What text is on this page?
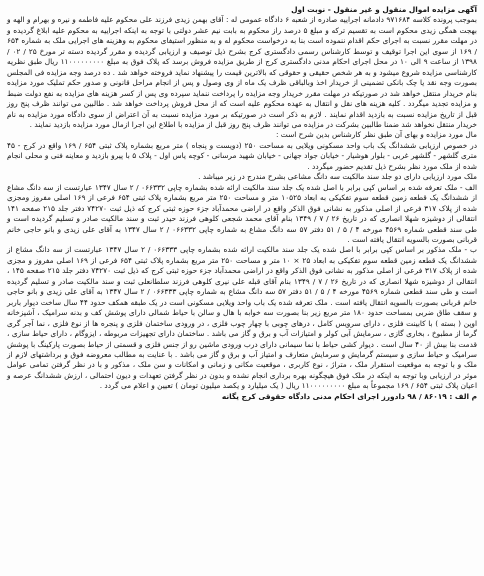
آگهی مزایده اموال منقول و غیر منقول - نوبت اول

بموجب پرونده کلاسه ۹۷۱۶۸۴ دادمانه اجراییه صادره از شعبه ۶ دادگاه عمومی له : آقای بهمن زیدی فرزند علی محکوم علیه فاطمه و نیره و بهرام و الهه و بهجت همگی زیدی محکوم است به تقسیم ترکه و مبلغ ۵ درصد راز محکوم به بابت نیم عشر دولتی با توجه به اینکه اجراییه به محکوم علیه ابلاغ گردیده و در مهلت مقرر نسبت به اجرای حکم اقدام ننموده است بنا به درخواست محکوم له و به منظور استیفای محکوم به وهزینه های اجرایی ملک به شماره ۶۵۴ / ۱۶۹ از سوی این اجرا توقیف و توسط کارشناس رسمی دادگستری کرج بشرح ذیل توصیف و ارزیابی گردیده و مقرر گردیده دسته تر مورخ ۲۵ / ۰۲ / ۱۳۹۸ از ساعت ۹ الی ۱۰ در محل اجرای احکام مدنی دادگستری کرج از طریق مزایده فروش برسد که پلاک فوق به مبلغ ۱۱۰۰۰۰۰۰۰۰۰ ریال طبق نظریه کارشناسی مزایده شروع میشود و به هر شخص حقیقی و حقوقی که بالاترین قیمت را پیشنهاد نماید فروخته خواهد شد . ده درصد وجه مزایده فی المجلس بصورت وجه نقد یا چک بانکی تضمینی از خریدار اخذ وبالباقی ظرف یک ماه از وی وصول و پس از انجام مراحل قانونی و صدور حکم تملیک مورد مزایده بنام خریدار منتقل خواهد شد در صورتیکه در مهلت مقرر خریدار وجه مزایده را پرداخت ننماید سپرده وی پس از کسر هزینه های مزایده به نفع دولت ضبط و مزایده تجدید میگردد . کلیه هزینه های نقل و انتقال به عهده محکوم علیه است که از محل فروش پرداخت خواهد شد . طالبین می توانند ظرف پنج روز قبل از تاریخ مزایده نسبت به بازدید اقدام نمایند . لازم به ذکر است در صورتیکه بر مورد مزایده نسبت به آن اعتراض از سوی دادگاه مورد مزایده به نام خریدار منتقل نخواهد شد ضمنا طالبین بشرکت در مزایده می توانند ظرف پنج روز قبل از مزایده با اطلاع این اجرا ازمال مورد مزایده بازدید نمایند .

مال مورد مزایده و بهای آن طبق نظر کارشناس بدین شرح است :

در خصوص ارزیابی ششدانگ یک باب واحد مسکونی ویلایی به مساحت ۲۵۰ (دویست و پنجاه ) متر مربع بشماره پلاک ثبتی ۶۵۴ / ۱۶۹ واقع در کرج - ۴۵ متری گلشهر - گلشهر غربی - بلوار هوشیار - خیابان جواد جهانی - خیابان شهید مرسانی - کوچه یاس اول - پلاک ۵ با پیرو بازدید و معاینه فنی و محلی انجام شده از ملک مورد نظر بشرح ذیل تقدیم حضور میگردد .

ملک مورد ارزیابی دارای دو جلد سند مالکیت سه دانگ مشاعی بشرح مندرج در زیر میباشد .

الف - ملک تعرفه شده بر اساس کپی برابر با اصل شده یک جلد سند مالکیت ارائه شده بشماره چاپی ۰۶۶۳۳۲ / ۲ سال ۱۳۴۷ عبارتست از سه دانگ مشاع از ششدانگ یک قطعه زمین قطعه سوم تفکیکی به ابعاد ۱۰۵۲۵ متر و مساحت ۲۵۰ متر مربع بشماره پلاک ثبتی ۶۵۴ فرعی از ۱۶۹ اصلی مفروز ومجزی شده از پلاک ۳۱۷ فرعی از اصلی مذکور به نشانی فوق الذکر واقع در اراضی محمدآباد جزء حوزه ثبتی کرج که ذیل ثبت ۷۴۲۷۰ دفتر جلد ۲۱۵ صفحه ۱۴۱ انتقالی از دوشیزه شهلا انصاری که در تاریخ ۲۶ / ۷ / ۱۳۴۹ بنام آقای محمد شجعی کلوهی فرزند حیدر ثبت و سند مالکیت صادر و تسلیم گردیده است و طی سند قطعی شماره ۴۵۶۹ مورخه ۴ / ۵ / ۵۱ دفتر ۵۷ سه دانگ مشاع به شماره چاپی ۰۶۶۳۳۲ / ۲ سال ۱۳۴۷ به آقای علی زیدی و بانو حاجی خانم قربانی بصورت بالسویه انتقال یافته است .

ب - ملک مذکور بر اساس کپی برابر با اصل شده یک جلد سند مالکیت ارائه شده بشماره چاپی ۰۶۶۳۳۳ / ۲ سال ۱۳۴۷ عبارتست از سه دانگ مشاع از ششدانگ یک قطعه زمین قطعه سوم تفکیکی به ابعاد ۲۵ × ۱۰ متر و مساحت ۲۵۰ متر مربع بشماره پلاک ثبتی ۶۵۴ فرعی از ۱۶۹ اصلی مفروز و مجزی شده از پلاک ۳۱۷ فرعی از اصلی مذکور به نشانی فوق الذکر واقع در اراضی محمدآباد جزء حوزه ثبتی کرج که ذیل ثبت ۷۴۲۷۰ دفتر جلد ۲۱۵ صفحه ۱۴۵ ، انتقالی از دوشیزه شهلا انصاری که در تاریخ ۲۶ / ۷ / ۱۳۴۹ بنام آقای قبله علی نیری کلوهی فرزند سلطانعلی ثبت و سند مالکیت صادر و تسلیم گردیده است و طی سند قطعی شماره ۴۵۶۹ مورخه ۴ / ۵ / ۵۱ دفتر ۵۷ سه دانگ مشاع به شماره چاپی ۰۶۶۳۳۳ / ۲ سال ۱۳۴۷ به آقای علی زیدی و بانو حاجی خانم قربانی بصورت بالسویه انتقال یافته است . ملک تعرفه شده یک باب واحد ویلایی مسکونی است در یک طبقه همکف حدود ۴۴ سال ساخت دیوار باربر و سقف طاق ضربی بمساحت حدود ۱۸۰ متر مربع زیر بنا بصورت سه خوابه با هال و سالن با حیاط شمالی دارای پوشش کف و بدنه سرامیک ، آشپزخانه اوپن ( بسته ) با کابینت فلزی ، دارای سرویس کامل ، درهای چوبی با چهار چوب فلزی ، در ورودی ساختمان فلزی و پنجره ها از نوع فلزی ، نما آجر گری گرما از مطبوخ ، بخاری گازی ، سرمایش آبی کولر و امتیازات آب و برق و گاز می باشد . ساختمان دارای تجهیزات مربوطه ، ایزوگام ، دارای حیاط سازی ، قدمت بنا بیش از ۴۰ سال است . دیوار کشی حیاط با نما سیمانی دارای درب ورودی ماشین رو از جنس فلزی و قسمتی از حیاط بصورت پارکینگ با پوشش سرامیک و حیاط سازی و سیستم گرمایش و سرمایش متعارف و امتیاز آب و برق و گاز می باشد . با عنایت به مطالب معروضه فوق و برداشتهای لازم از ملک و با توجه به موقعیت استقرار ملک ، متراژ ، نوع کاربری ، موقعیت مکانی و زمانی و امکانات و سن ملک ، مذکور و با در نظر گرفتن تمامی عوامل موثر در ارزیابی وبا توجه به اینکه در ملک فوق هیچگونه بهره برداری انجام نشده و بدون در نظر گرفتن تعهدات و دیون احتمالی ، ارزش ششدانگ عرصه و اعیان پلاک ثبتی ۶۵۴ / ۱۶۹ مجموعاً به مبلغ ۱۱۰۰۰۰۰۰۰۰۰ ریال ( یک میلیارد و یکصد میلیون تومان ) تعیین و اعلام می گردد .

م الف : ۸۶۰۱۹ / ۹۸ دادورز اجرای احکام مدنی دادگاه حقوقی کرج یگانه
